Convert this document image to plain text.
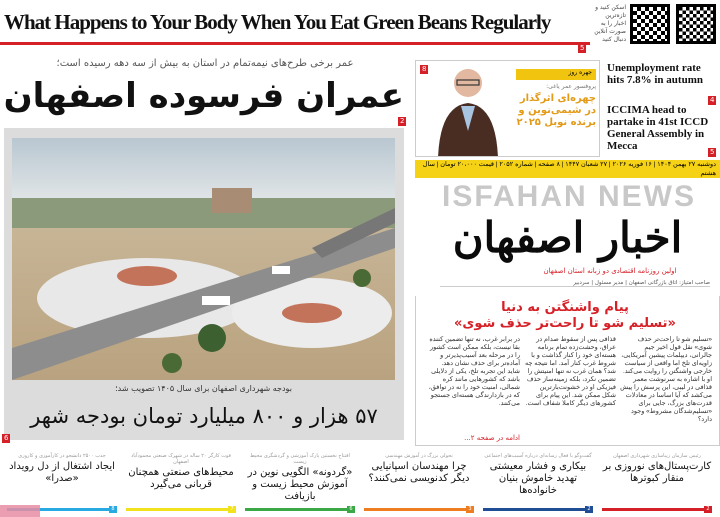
What Happens to Your Body When You Eat Green Beans Regularly
5
اسکن کنید و تازه‌ترین اخبار را به صورت آنلاین دنبال کنید
عمر برخی طرح‌های نیمه‌تمام در استان به بیش از سه دهه رسیده است؛
عمران فرسوده اصفهان
2
بودجه شهرداری اصفهان برای سال ۱۴۰۵ تصویب شد؛
۵۷ هزار و ۸۰۰ میلیارد تومان بودجه شهر
6
جهره روز
پروفسور عمر یاغی:
چهره‌ای اثرگذار در شیمی‌نوین و برنده نوبل ۲۰۲۵
8	Unemployment rate hits 7.8% in autumn
4
ICCIMA head to partake in 41st ICCD General Assembly in Mecca	5
دوشنبه ۲۷ بهمن ۱۴۰۴ | ۱۶ فوریه ۲۰۲۶ | ۲۷ شعبان ۱۴۴۷ | ۸ صفحه | شماره ۲۰۵۲ | قیمت ۲۰،۰۰۰ تومان | سال هشتم
ISFAHAN NEWS
اخبار اصفهان
اولین روزنامه اقتصادی دو زبانه استان اصفهان
صاحب امتیاز: اتاق بازرگانی اصفهان | مدیر مسئول | سردبیر
پیام واشنگتن به دنیا
«تسلیم شو تا راحت‌تر حذف شوی»
«تسلیم شو تا راحت‌تر حذف شوی» نقل قول اخیر جیم جالرانی، دیپلمات پیشین آمریکایی، زاویه‌ای تلخ اما واقعی از سیاست خارجی واشنگتن را روایت می‌کند. او با اشاره به سرنوشت معمر قذافی در لیبی، این پرسش را پیش می‌کشد که آیا اساسا در معادلات قدرت‌های بزرگ، جایی برای «تسلیم‌شدگان مشروط» وجود دارد؟
قذافی پس از سقوط صدام در عراق، وحشت‌زده تمام برنامه هسته‌ای خود را کنار گذاشت و با شروط غرب کنار آمد. اما نتیجه چه شد؟ همان غرب نه تنها امنیتش را تضمین نکرد، بلکه زمینه‌ساز حذف فیزیکی او در خشونت‌بارترین شکل ممکن شد. این پیام برای کشورهای دیگر کاملا شفاف است.
در برابر غرب، نه تنها تضمین کننده بقا نیست، بلکه ممکن است کشور را در مرحله بعد آسیب‌پذیرتر و آماده‌تر برای حذف نشان دهد. شاید این تجربه تلخ، یکی از دلایلی باشد که کشورهایی مانند کره شمالی، امنیت خود را نه در توافق، که در بازدارندگی هسته‌ای جستجو می‌کنند.
ادامه در صفحه ۲...
رئیس سازمان زیباسازی شهرداری اصفهان
کارت‌پستال‌های نوروزی بر منقار کبوترها
2
گفت‌وگو با فعال رسانه‌ای درباره آسیب‌های اجتماعی
بیکاری و فشار معیشتی تهدید خاموش بنیان خانواده‌ها
2
تحولی بزرگ در آموزش مهندسی
چرا مهندسان اسپانیایی دیگر کدنویسی نمی‌کنند؟
3
افتتاح نخستین پارک آموزشی و گردشگری محیط زیست
«گردونه» الگویی نوین در آموزش محیط زیست و بازیافت
6
فوت کارگر ۲۰ ساله در شهرک صنعتی محمودآباد اصفهان
محیط‌های صنعتی همچنان قربانی می‌گیرد
7
جذب ۲۵۰۰ دانشجو در کارآموزی و کاروزی
ایجاد اشتغال از دل رویداد «صدرا»
8
